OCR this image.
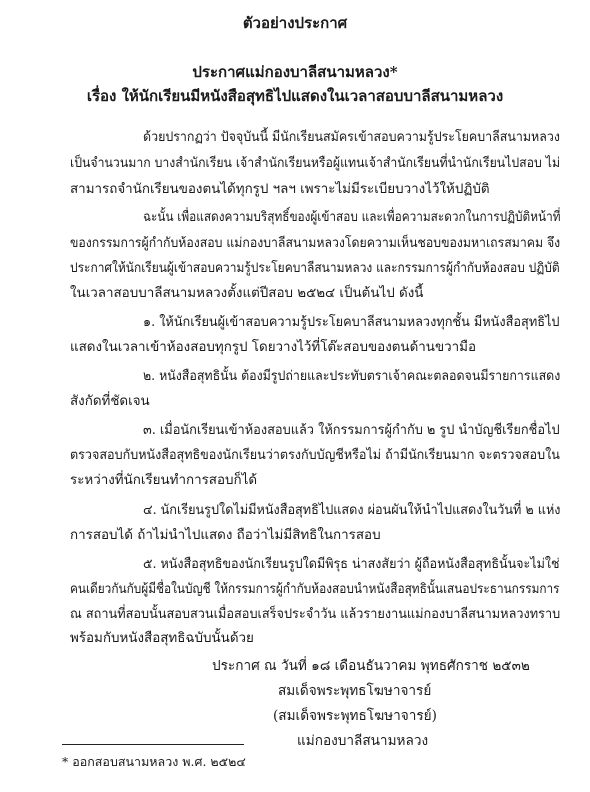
ตัวอย่างประกาศ
ประกาศแม่กองบาลีสนามหลวง*
เรื่อง ให้นักเรียนมีหนังสือสุทธิไปแสดงในเวลาสอบบาลีสนามหลวง
ด้วยปรากฏว่า ปัจจุบันนี้ มีนักเรียนสมัครเข้าสอบความรู้ประโยคบาลีสนามหลวง
เป็นจำนวนมาก บางสำนักเรียน เจ้าสำนักเรียนหรือผู้แทนเจ้าสำนักเรียนที่นำนักเรียนไปสอบ ไม่
สามารถจำนักเรียนของตนได้ทุกรูป ฯลฯ เพราะไม่มีระเบียบวางไว้ให้ปฏิบัติ
ฉะนั้น เพื่อแสดงความบริสุทธิ์ของผู้เข้าสอบ และเพื่อความสะดวกในการปฏิบัติหน้าที่
ของกรรมการผู้กำกับห้องสอบ แม่กองบาลีสนามหลวงโดยความเห็นชอบของมหาเถรสมาคม จึง
ประกาศให้นักเรียนผู้เข้าสอบความรู้ประโยคบาลีสนามหลวง และกรรมการผู้กำกับห้องสอบ ปฏิบัติ
ในเวลาสอบบาลีสนามหลวงตั้งแต่ปีสอบ ๒๕๒๔ เป็นต้นไป ดังนี้
๑. ให้นักเรียนผู้เข้าสอบความรู้ประโยคบาลีสนามหลวงทุกชั้น มีหนังสือสุทธิไป
แสดงในเวลาเข้าห้องสอบทุกรูป โดยวางไว้ที่โต๊ะสอบของตนด้านขวามือ
๒. หนังสือสุทธินั้น ต้องมีรูปถ่ายและประทับตราเจ้าคณะตลอดจนมีรายการแสดง
สังกัดที่ชัดเจน
๓. เมื่อนักเรียนเข้าห้องสอบแล้ว ให้กรรมการผู้กำกับ ๒ รูป นำบัญชีเรียกชื่อไป
ตรวจสอบกับหนังสือสุทธิของนักเรียนว่าตรงกับบัญชีหรือไม่ ถ้ามีนักเรียนมาก จะตรวจสอบใน
ระหว่างที่นักเรียนทำการสอบก็ได้
๔. นักเรียนรูปใดไม่มีหนังสือสุทธิไปแสดง ผ่อนผันให้นำไปแสดงในวันที่ ๒ แห่ง
การสอบได้ ถ้าไม่นำไปแสดง ถือว่าไม่มีสิทธิในการสอบ
๕. หนังสือสุทธิของนักเรียนรูปใดมีพิรุธ น่าสงสัยว่า ผู้ถือหนังสือสุทธินั้นจะไม่ใช่
คนเดียวกันกับผู้มีชื่อในบัญชี ให้กรรมการผู้กำกับห้องสอบนำหนังสือสุทธินั้นเสนอประธานกรรมการ
ณ สถานที่สอบนั้นสอบสวนเมื่อสอบเสร็จประจำวัน แล้วรายงานแม่กองบาลีสนามหลวงทราบ
พร้อมกับหนังสือสุทธิฉบับนั้นด้วย
ประกาศ ณ วันที่ ๑๘ เดือนธันวาคม พุทธศักราช ๒๕๓๒
สมเด็จพระพุทธโฆษาจารย์
(สมเด็จพระพุทธโฆษาจารย์)
แม่กองบาลีสนามหลวง
* ออกสอบสนามหลวง พ.ศ. ๒๕๒๔
